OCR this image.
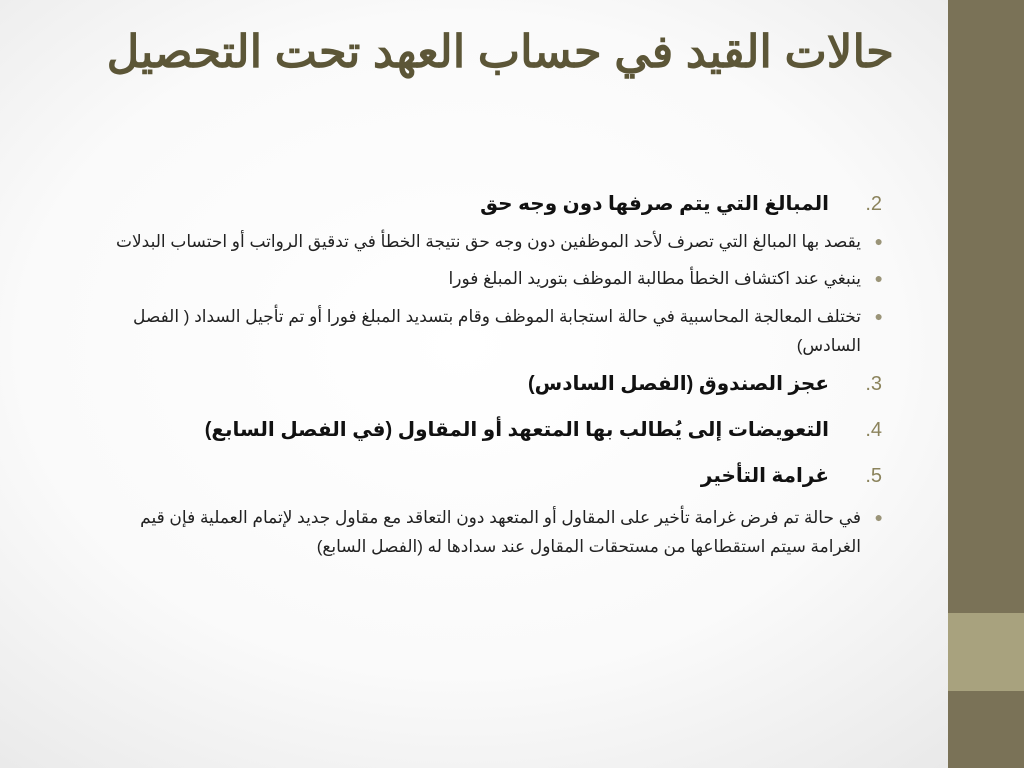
حالات القيد في حساب العهد تحت التحصيل
.2
المبالغ التي يتم صرفها دون وجه حق
●
يقصد بها المبالغ التي تصرف لأحد الموظفين دون وجه حق نتيجة الخطأ في تدقيق الرواتب أو احتساب البدلات
●
ينبغي عند اكتشاف الخطأ مطالبة الموظف بتوريد المبلغ فورا
●
تختلف المعالجة المحاسبية في حالة استجابة الموظف وقام بتسديد المبلغ فورا أو تم تأجيل السداد ( الفصل السادس)
.3
عجز الصندوق (الفصل السادس)
.4
التعويضات إلى يُطالب بها المتعهد أو المقاول (في الفصل السابع)
.5
غرامة التأخير
●
في حالة تم فرض غرامة تأخير على المقاول أو المتعهد دون التعاقد مع مقاول جديد لإتمام العملية فإن قيم الغرامة سيتم استقطاعها من مستحقات المقاول عند سدادها له (الفصل السابع)
